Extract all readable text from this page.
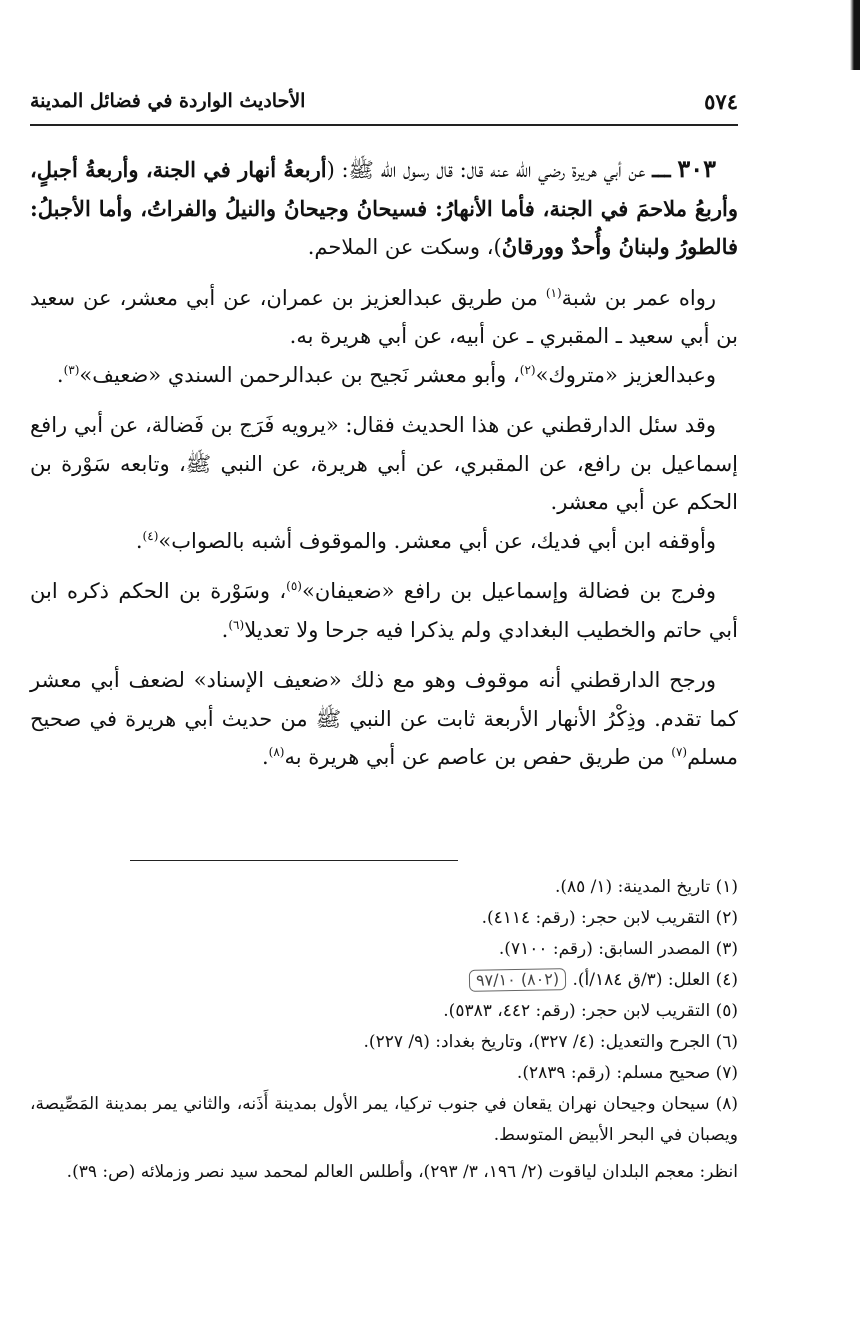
٥٧٤
الأحاديث الواردة في فضائل المدينة

٣٠٣ ـــ عن أبي هريرة رضي الله عنه قال: قال رسول الله ﷺ: (أربعةُ أنهار في الجنة، وأربعةُ أجبلٍ، وأربعُ ملاحمَ في الجنة، فأما الأنهارُ: فسيحانُ وجيحانُ والنيلُ والفراتُ، وأما الأجبلُ: فالطورُ ولبنانُ وأُحدٌ وورقانُ)، وسكت عن الملاحم.

رواه عمر بن شبة$^{(١)}$ من طريق عبدالعزيز بن عمران، عن أبي معشر، عن سعيد بن أبي سعيد ـ المقبري ـ عن أبيه، عن أبي هريرة به.

وعبدالعزيز «متروك»$^{(٢)}$، وأبو معشر نَجيح بن عبدالرحمن السندي «ضعيف»$^{(٣)}$.

وقد سئل الدارقطني عن هذا الحديث فقال: «يرويه فَرَج بن فَضالة، عن أبي رافع إسماعيل بن رافع، عن المقبري، عن أبي هريرة، عن النبي ﷺ، وتابعه سَوْرة بن الحكم عن أبي معشر.

وأوقفه ابن أبي فديك، عن أبي معشر. والموقوف أشبه بالصواب»$^{(٤)}$.

وفرج بن فضالة وإسماعيل بن رافع «ضعيفان»$^{(٥)}$، وسَوْرة بن الحكم ذكره ابن أبي حاتم والخطيب البغدادي ولم يذكرا فيه جرحا ولا تعديلا$^{(٦)}$.

ورجح الدارقطني أنه موقوف وهو مع ذلك «ضعيف الإسناد» لضعف أبي معشر كما تقدم. وذِكْرُ الأنهار الأربعة ثابت عن النبي ﷺ من حديث أبي هريرة في صحيح مسلم$^{(٧)}$ من طريق حفص بن عاصم عن أبي هريرة به$^{(٨)}$.

(١) تاريخ المدينة: (١/ ٨٥).

(٢) التقريب لابن حجر: (رقم: ٤١١٤).

(٣) المصدر السابق: (رقم: ٧١٠٠).

(٤) العلل: (٣/ق ١٨٤/أ).(٨٠٢) ٩٧/١٠

(٥) التقريب لابن حجر: (رقم: ٤٤٢، ٥٣٨٣).

(٦) الجرح والتعديل: (٤/ ٣٢٧)، وتاريخ بغداد: (٩/ ٢٢٧).

(٧) صحيح مسلم: (رقم: ٢٨٣٩).

(٨) سيحان وجيحان نهران يقعان في جنوب تركيا، يمر الأول بمدينة أَذَنه، والثاني يمر بمدينة المَصِّيصة، ويصبان في البحر الأبيض المتوسط.

انظر: معجم البلدان لياقوت (٢/ ١٩٦، ٣/ ٢٩٣)، وأطلس العالم لمحمد سيد نصر وزملائه (ص: ٣٩).
